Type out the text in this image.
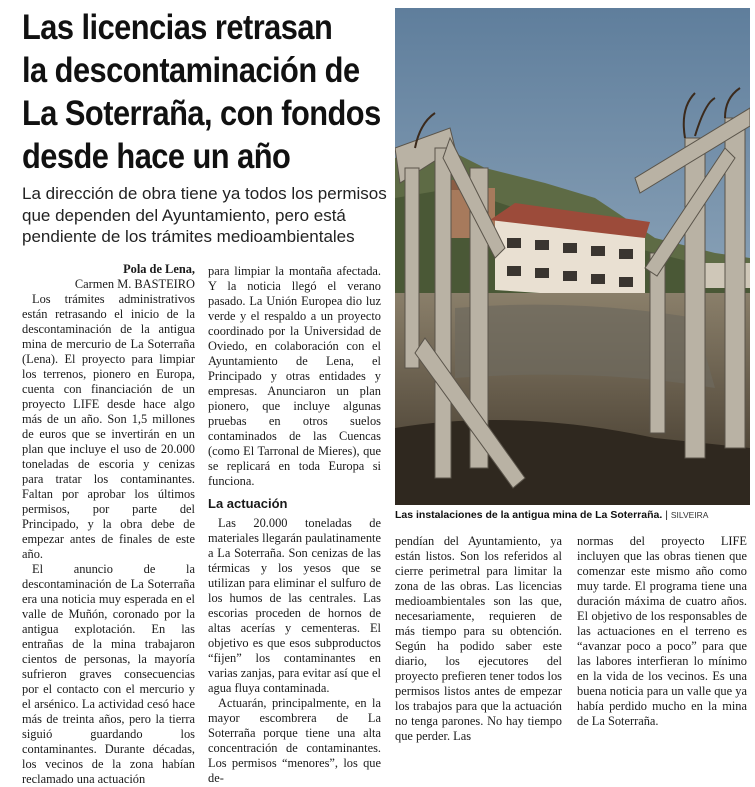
Las licencias retrasan
la descontaminación de
La Soterraña, con fondos
desde hace un año
La dirección de obra tiene ya todos los permisos
que dependen del Ayuntamiento, pero está
pendiente de los trámites medioambientales
Las instalaciones de la antigua mina de La Soterraña. | SILVEIRA
Pola de Lena,
Carmen M. BASTEIRO

Los trámites administrativos están retrasando el inicio de la descontaminación de la antigua mina de mercurio de La Soterraña (Lena). El proyecto para limpiar los terrenos, pionero en Europa, cuenta con financiación de un proyecto LIFE desde hace algo más de un año. Son 1,5 millones de euros que se invertirán en un plan que incluye el uso de 20.000 toneladas de escoria y cenizas para tratar los contaminantes. Faltan por aprobar los últimos permisos, por parte del Principado, y la obra debe de empezar antes de finales de este año.

El anuncio de la descontaminación de La Soterraña era una noticia muy esperada en el valle de Muñón, coronado por la antigua explotación. En las entrañas de la mina trabajaron cientos de personas, la mayoría sufrieron graves consecuencias por el contacto con el mercurio y el arsénico. La actividad cesó hace más de treinta años, pero la tierra siguió guardando los contaminantes. Durante décadas, los vecinos de la zona habían reclamado una actuación

para limpiar la montaña afectada. Y la noticia llegó el verano pasado. La Unión Europea dio luz verde y el respaldo a un proyecto coordinado por la Universidad de Oviedo, en colaboración con el Ayuntamiento de Lena, el Principado y otras entidades y empresas. Anunciaron un plan pionero, que incluye algunas pruebas en otros suelos contaminados de las Cuencas (como El Tarronal de Mieres), que se replicará en toda Europa si funciona.

La actuación

Las 20.000 toneladas de materiales llegarán paulatinamente a La Soterraña. Son cenizas de las térmicas y los yesos que se utilizan para eliminar el sulfuro de los humos de las centrales. Las escorias proceden de hornos de altas acerías y cementeras. El objetivo es que esos subproductos “fijen” los contaminantes en varias zanjas, para evitar así que el agua fluya contaminada.

Actuarán, principalmente, en la mayor escombrera de La Soterraña porque tiene una alta concentración de contaminantes. Los permisos “menores”, los que de-

pendían del Ayuntamiento, ya están listos. Son los referidos al cierre perimetral para limitar la zona de las obras. Las licencias medioambientales son las que, necesariamente, requieren de más tiempo para su obtención. Según ha podido saber este diario, los ejecutores del proyecto prefieren tener todos los permisos listos antes de empezar los trabajos para que la actuación no tenga parones. No hay tiempo que perder. Las

normas del proyecto LIFE incluyen que las obras tienen que comenzar este mismo año como muy tarde. El programa tiene una duración máxima de cuatro años. El objetivo de los responsables de las actuaciones en el terreno es “avanzar poco a poco” para que las labores interfieran lo mínimo en la vida de los vecinos. Es una buena noticia para un valle que ya había perdido mucho en la mina de La Soterraña.
